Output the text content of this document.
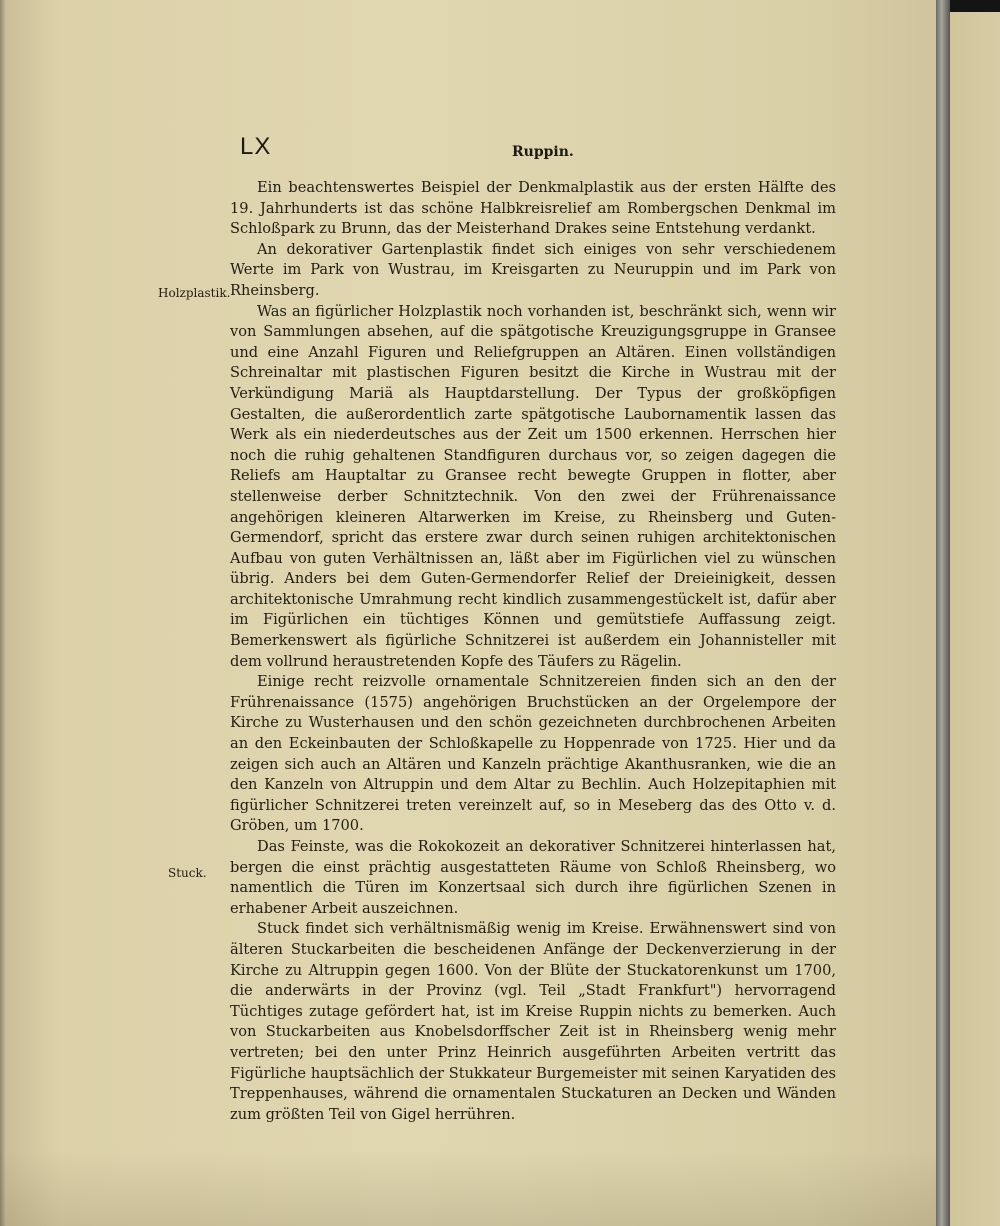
LX	Ruppin.
Holzplastik.
Stuck.

Ein beachtenswertes Beispiel der Denkmalplastik aus der ersten Hälfte des 19. Jahrhunderts ist das schöne Halbkreisrelief am Rombergschen Denkmal im Schloßpark zu Brunn, das der Meisterhand Drakes seine Entstehung verdankt.

An dekorativer Gartenplastik findet sich einiges von sehr verschiedenem Werte im Park von Wustrau, im Kreisgarten zu Neuruppin und im Park von Rheinsberg.

Was an figürlicher Holzplastik noch vorhanden ist, beschränkt sich, wenn wir von Sammlungen absehen, auf die spätgotische Kreuzigungsgruppe in Gransee und eine Anzahl Figuren und Reliefgruppen an Altären. Einen vollständigen Schreinaltar mit plastischen Figuren besitzt die Kirche in Wustrau mit der Verkündigung Mariä als Hauptdarstellung. Der Typus der großköpfigen Gestalten, die außerordentlich zarte spätgotische Laubornamentik lassen das Werk als ein niederdeutsches aus der Zeit um 1500 erkennen. Herrschen hier noch die ruhig gehaltenen Standfiguren durchaus vor, so zeigen dagegen die Reliefs am Hauptaltar zu Gransee recht bewegte Gruppen in flotter, aber stellenweise derber Schnitztechnik. Von den zwei der Frührenaissance angehörigen kleineren Altarwerken im Kreise, zu Rheinsberg und Guten-Germendorf, spricht das erstere zwar durch seinen ruhigen architektonischen Aufbau von guten Verhältnissen an, läßt aber im Figürlichen viel zu wünschen übrig. Anders bei dem Guten-Germendorfer Relief der Dreieinigkeit, dessen architektonische Umrahmung recht kindlich zusammengestückelt ist, dafür aber im Figürlichen ein tüchtiges Können und gemütstiefe Auffassung zeigt. Bemerkenswert als figürliche Schnitzerei ist außerdem ein Johannisteller mit dem vollrund heraustretenden Kopfe des Täufers zu Rägelin.

Einige recht reizvolle ornamentale Schnitzereien finden sich an den der Frührenaissance (1575) angehörigen Bruchstücken an der Orgelempore der Kirche zu Wusterhausen und den schön gezeichneten durchbrochenen Arbeiten an den Eckeinbauten der Schloßkapelle zu Hoppenrade von 1725. Hier und da zeigen sich auch an Altären und Kanzeln prächtige Akanthusranken, wie die an den Kanzeln von Altruppin und dem Altar zu Bechlin. Auch Holzepitaphien mit figürlicher Schnitzerei treten vereinzelt auf, so in Meseberg das des Otto v. d. Gröben, um 1700.

Das Feinste, was die Rokokozeit an dekorativer Schnitzerei hinterlassen hat, bergen die einst prächtig ausgestatteten Räume von Schloß Rheinsberg, wo namentlich die Türen im Konzertsaal sich durch ihre figürlichen Szenen in erhabener Arbeit auszeichnen.

Stuck findet sich verhältnismäßig wenig im Kreise. Erwähnenswert sind von älteren Stuckarbeiten die bescheidenen Anfänge der Deckenverzierung in der Kirche zu Altruppin gegen 1600. Von der Blüte der Stuckatorenkunst um 1700, die anderwärts in der Provinz (vgl. Teil „Stadt Frankfurt") hervorragend Tüchtiges zutage gefördert hat, ist im Kreise Ruppin nichts zu bemerken. Auch von Stuckarbeiten aus Knobelsdorffscher Zeit ist in Rheinsberg wenig mehr vertreten; bei den unter Prinz Heinrich ausgeführten Arbeiten vertritt das Figürliche hauptsächlich der Stukkateur Burgemeister mit seinen Karyatiden des Treppenhauses, während die ornamentalen Stuckaturen an Decken und Wänden zum größten Teil von Gigel herrühren.
